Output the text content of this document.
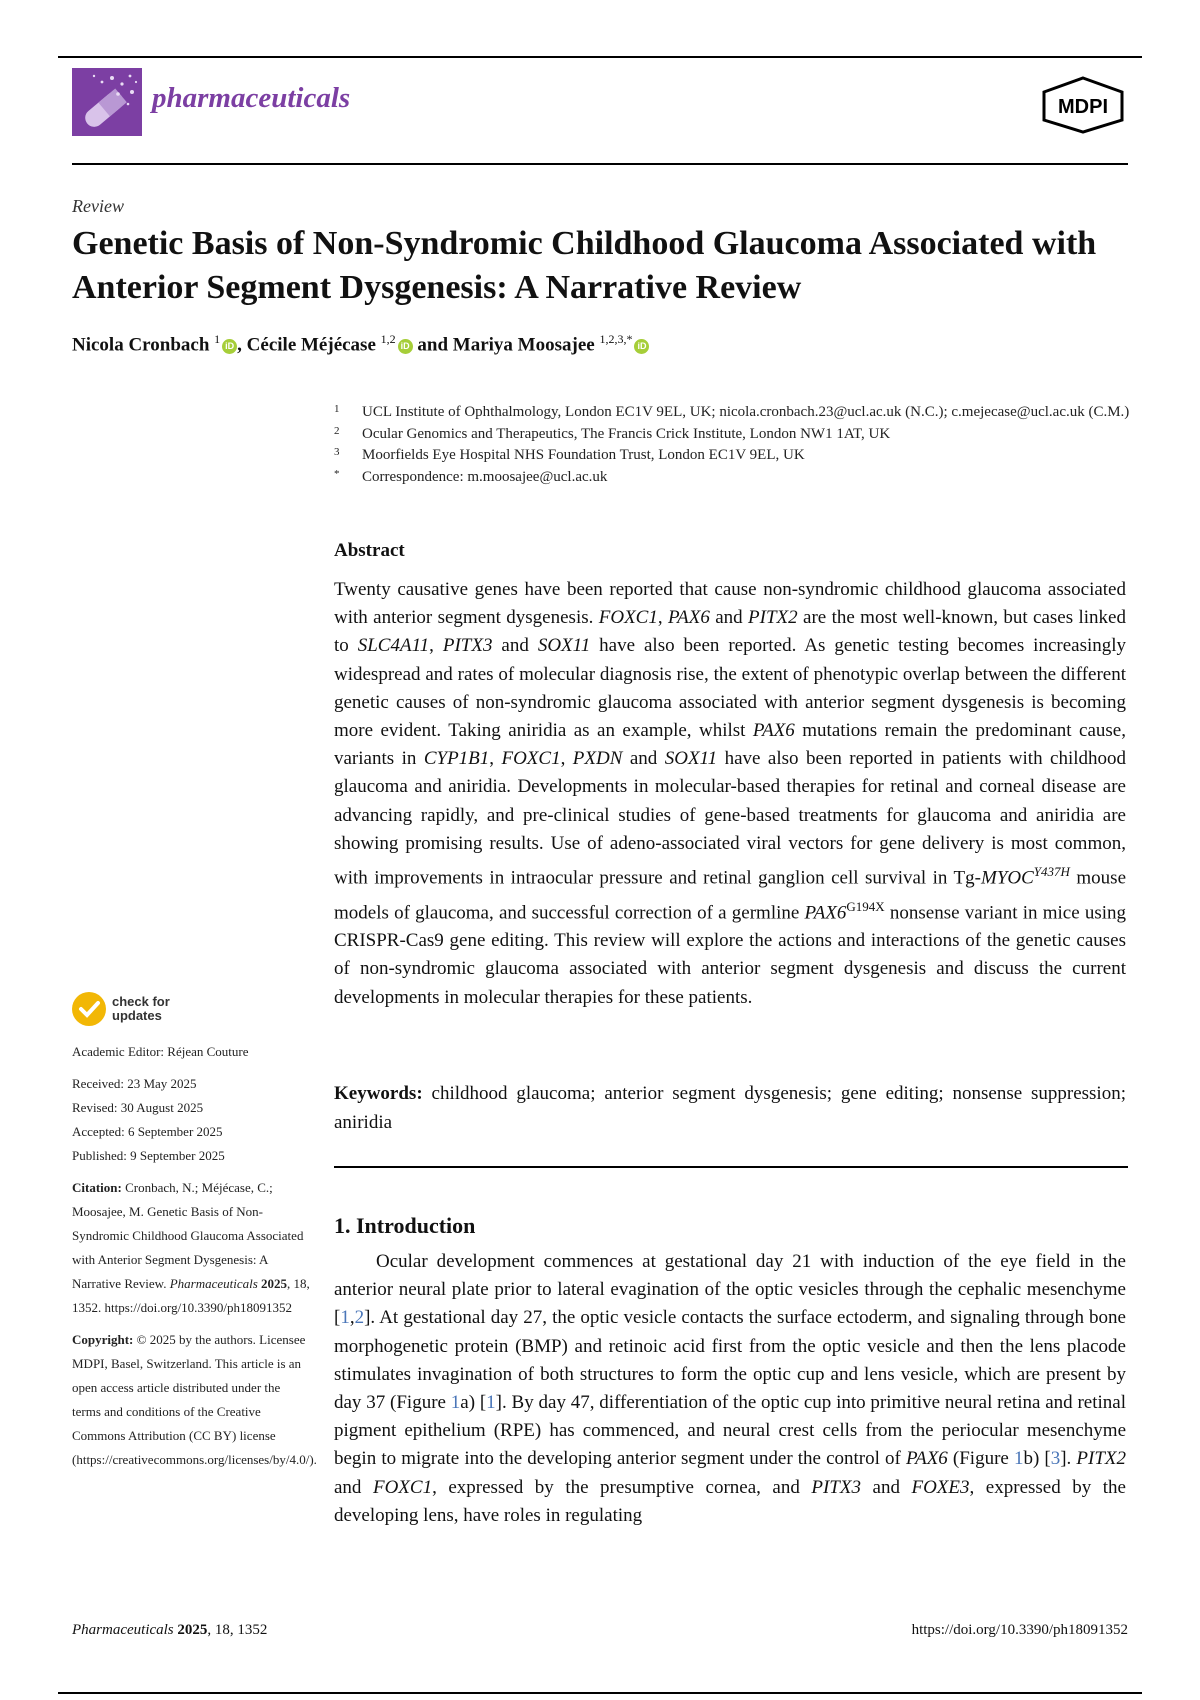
pharmaceuticals	MDPI
Review
Genetic Basis of Non-Syndromic Childhood Glaucoma Associated with Anterior Segment Dysgenesis: A Narrative Review
Nicola Cronbach $^1$iD , Cécile Méjécase $^{1,2}$iD and Mariya Moosajee $^{1,2,3,*}$iD
1 UCL Institute of Ophthalmology, London EC1V 9EL, UK; nicola.cronbach.23@ucl.ac.uk (N.C.); c.mejecase@ucl.ac.uk (C.M.)
2 Ocular Genomics and Therapeutics, The Francis Crick Institute, London NW1 1AT, UK
3 Moorfields Eye Hospital NHS Foundation Trust, London EC1V 9EL, UK
* Correspondence: m.moosajee@ucl.ac.uk
Abstract

Twenty causative genes have been reported that cause non-syndromic childhood glaucoma associated with anterior segment dysgenesis. FOXC1, PAX6 and PITX2 are the most well-known, but cases linked to SLC4A11, PITX3 and SOX11 have also been reported. As genetic testing becomes increasingly widespread and rates of molecular diagnosis rise, the extent of phenotypic overlap between the different genetic causes of non-syndromic glaucoma associated with anterior segment dysgenesis is becoming more evident. Taking aniridia as an example, whilst PAX6 mutations remain the predominant cause, variants in CYP1B1, FOXC1, PXDN and SOX11 have also been reported in patients with childhood glaucoma and aniridia. Developments in molecular-based therapies for retinal and corneal disease are advancing rapidly, and pre-clinical studies of gene-based treatments for glaucoma and aniridia are showing promising results. Use of adeno-associated viral vectors for gene delivery is most common, with improvements in intraocular pressure and retinal ganglion cell survival in $Tg-MYOC^{Y437H}$ mouse models of glaucoma, and successful correction of a germline $PAX6^{G194X}$ nonsense variant in mice using CRISPR-Cas9 gene editing. This review will explore the actions and interactions of the genetic causes of non-syndromic glaucoma associated with anterior segment dysgenesis and discuss the current developments in molecular therapies for these patients.

Keywords: childhood glaucoma; anterior segment dysgenesis; gene editing; nonsense suppression; aniridia

1. Introduction

Ocular development commences at gestational day 21 with induction of the eye field in the anterior neural plate prior to lateral evagination of the optic vesicles through the cephalic mesenchyme [1,2]. At gestational day 27, the optic vesicle contacts the surface ectoderm, and signaling through bone morphogenetic protein (BMP) and retinoic acid first from the optic vesicle and then the lens placode stimulates invagination of both structures to form the optic cup and lens vesicle, which are present by day 37 (Figure 1a) [1]. By day 47, differentiation of the optic cup into primitive neural retina and retinal pigment epithelium (RPE) has commenced, and neural crest cells from the periocular mesenchyme begin to migrate into the developing anterior segment under the control of PAX6 (Figure 1b) [3]. PITX2 and FOXC1, expressed by the presumptive cornea, and PITX3 and FOXE3, expressed by the developing lens, have roles in regulating

check for
updates
Academic Editor: Réjean Couture
Received: 23 May 2025
Revised: 30 August 2025
Accepted: 6 September 2025
Published: 9 September 2025
Citation: Cronbach, N.; Méjécase, C.; Moosajee, M. Genetic Basis of Non-Syndromic Childhood Glaucoma Associated with Anterior Segment Dysgenesis: A Narrative Review. Pharmaceuticals 2025, 18, 1352. https://doi.org/10.3390/ph18091352
Copyright: © 2025 by the authors. Licensee MDPI, Basel, Switzerland. This article is an open access article distributed under the terms and conditions of the Creative Commons Attribution (CC BY) license (https://creativecommons.org/licenses/by/4.0/).
Pharmaceuticals 2025, 18, 1352	https://doi.org/10.3390/ph18091352
